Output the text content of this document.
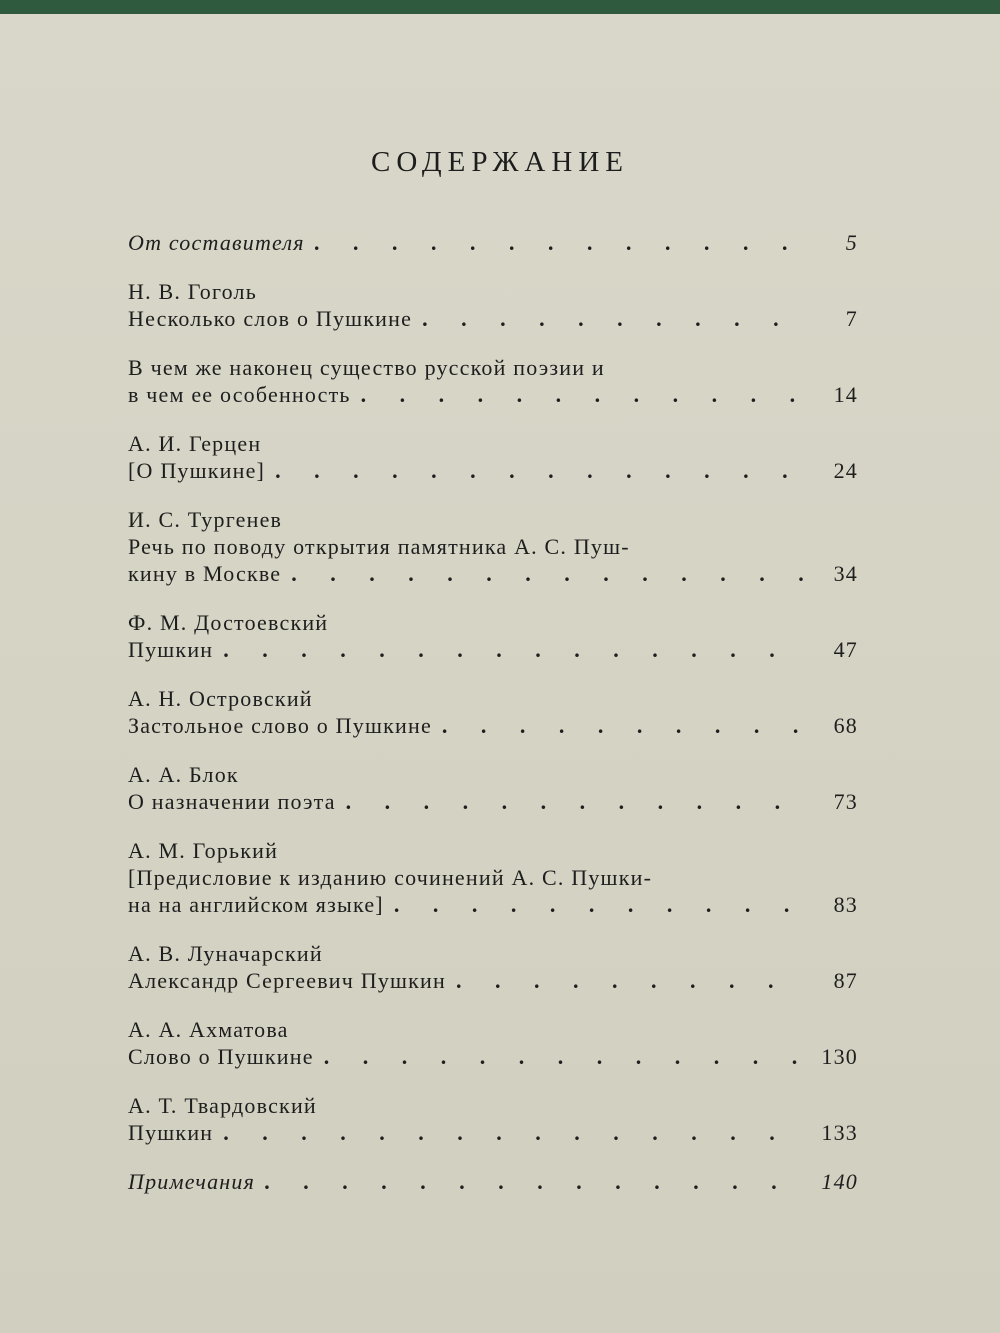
СОДЕРЖАНИЕ
От составителя . . .	5
Н. В. Гоголь
Несколько слов о Пушкине . . .	7
В чем же наконец существо русской поэзии и
в чем ее особенность . . .	14
А. И. Герцен
[О Пушкине] . . .	24
И. С. Тургенев
Речь по поводу открытия памятника А. С. Пуш-
кину в Москве . . .	34
Ф. М. Достоевский
Пушкин . . .	47
А. Н. Островский
Застольное слово о Пушкине . . .	68
А. А. Блок
О назначении поэта . . .	73
А. М. Горький
[Предисловие к изданию сочинений А. С. Пушки-
на на английском языке] . . .	83
А. В. Луначарский
Александр Сергеевич Пушкин . . .	87
А. А. Ахматова
Слово о Пушкине . . .	130
А. Т. Твардовский
Пушкин . . .	133
Примечания . . .	140
